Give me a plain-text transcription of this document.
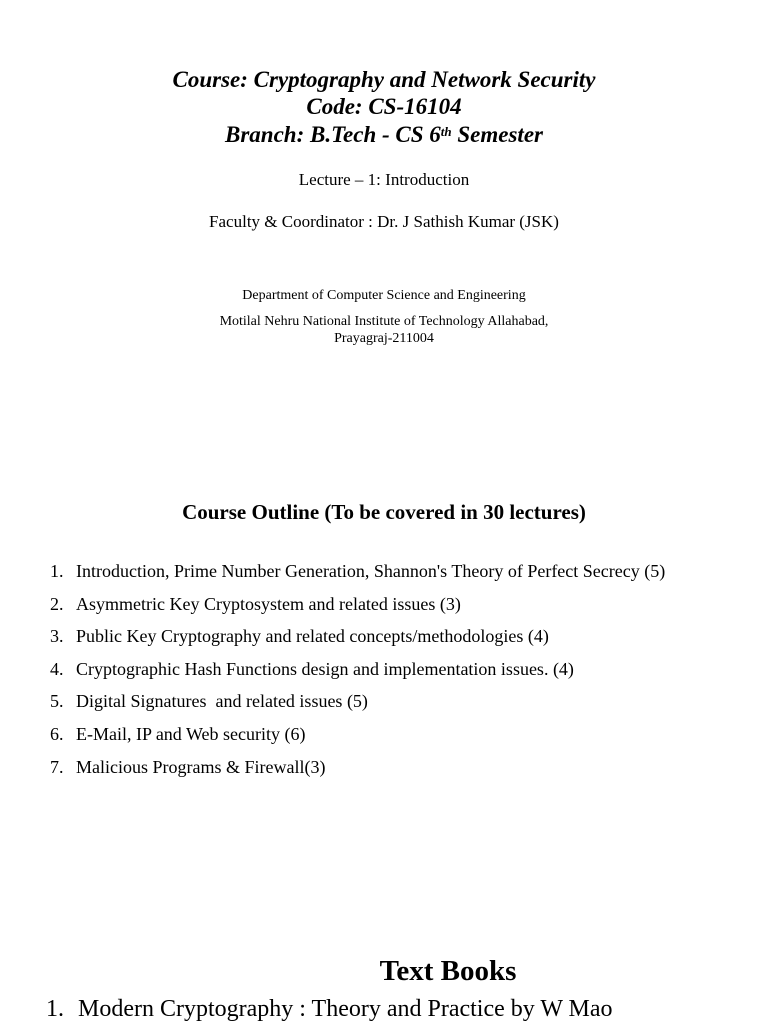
Course: Cryptography and Network Security
Code: CS-16104
Branch: B.Tech - CS 6th Semester
Lecture – 1: Introduction
Faculty & Coordinator : Dr. J Sathish Kumar (JSK)
Department of Computer Science and Engineering
Motilal Nehru National Institute of Technology Allahabad,
Prayagraj-211004
Course Outline (To be covered in 30 lectures)
1. Introduction, Prime Number Generation, Shannon's Theory of Perfect Secrecy (5)
2. Asymmetric Key Cryptosystem and related issues (3)
3. Public Key Cryptography and related concepts/methodologies (4)
4. Cryptographic Hash Functions design and implementation issues. (4)
5. Digital Signatures  and related issues (5)
6. E-Mail, IP and Web security (6)
7. Malicious Programs & Firewall(3)
Text Books
1. Modern Cryptography : Theory and Practice by W Mao
